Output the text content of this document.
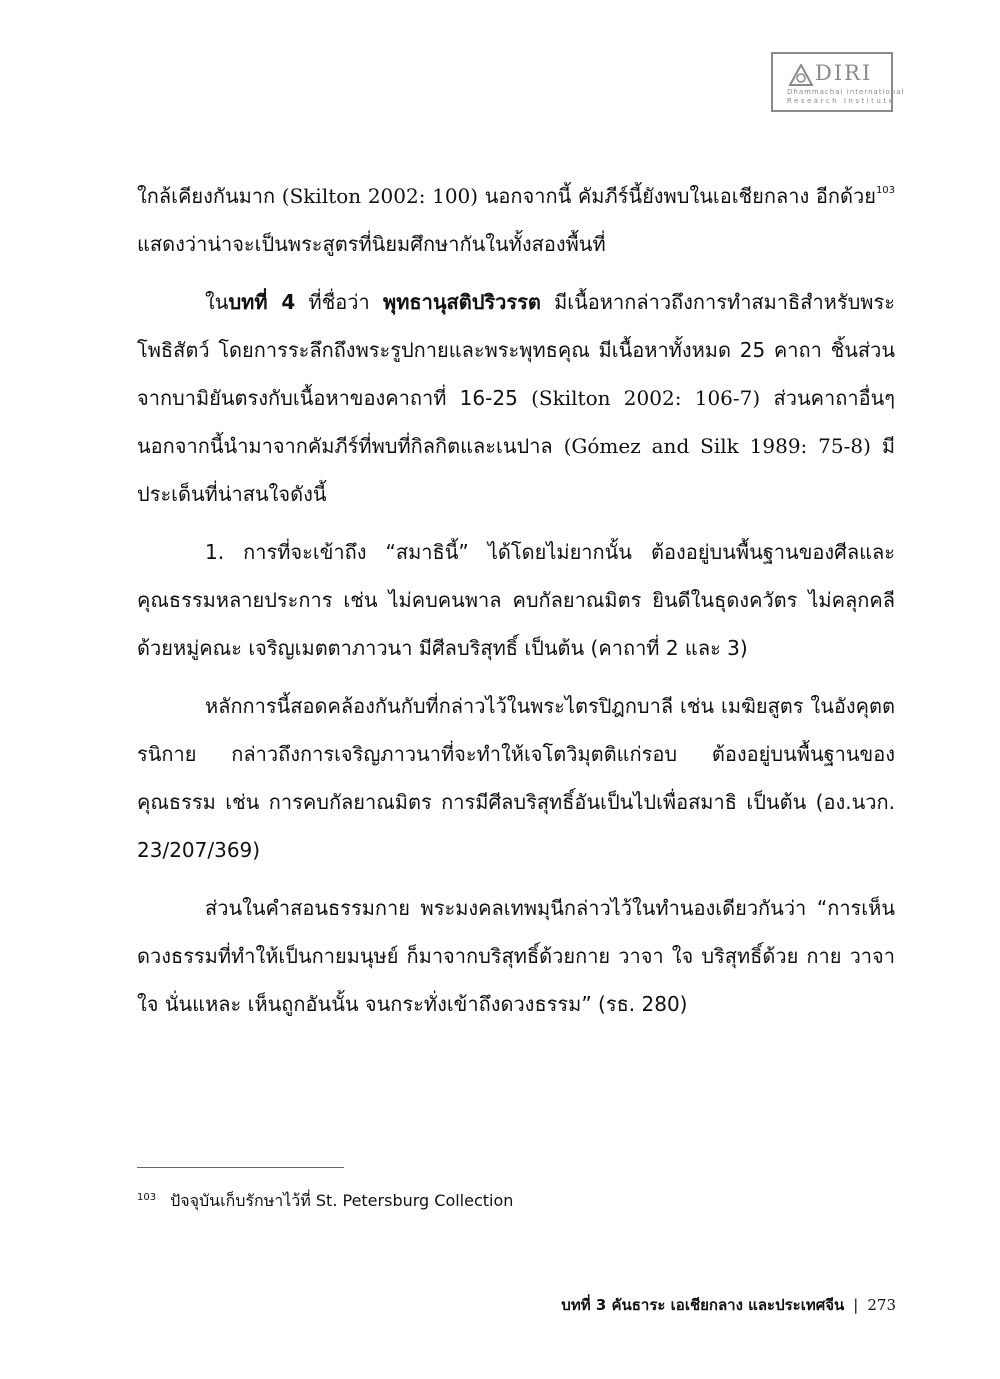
DIRI
Dhammachai International
Research Institute

ใกล้เคียงกันมาก (Skilton 2002: 100) นอกจากนี้ คัมภีร์นี้ยังพบในเอเชียกลาง อีกด้วย$^{103}$ แสดงว่าน่าจะเป็นพระสูตรที่นิยมศึกษากันในทั้งสองพื้นที่

ในบทที่ 4 ที่ชื่อว่า พุทธานุสติปริวรรต มีเนื้อหากล่าวถึงการทำสมาธิสำหรับพระโพธิสัตว์ โดยการระลึกถึงพระรูปกายและพระพุทธคุณ มีเนื้อหาทั้งหมด 25 คาถา ชิ้นส่วนจากบามิยันตรงกับเนื้อหาของคาถาที่ 16-25 (Skilton 2002: 106-7) ส่วนคาถาอื่นๆ นอกจากนี้นำมาจากคัมภีร์ที่พบที่กิลกิตและเนปาล (Gómez and Silk 1989: 75-8) มีประเด็นที่น่าสนใจดังนี้

1. การที่จะเข้าถึง “สมาธินี้” ได้โดยไม่ยากนั้น ต้องอยู่บนพื้นฐานของศีลและคุณธรรมหลายประการ เช่น ไม่คบคนพาล คบกัลยาณมิตร ยินดีในธุดงควัตร ไม่คลุกคลีด้วยหมู่คณะ เจริญเมตตาภาวนา มีศีลบริสุทธิ์ เป็นต้น (คาถาที่ 2 และ 3)

หลักการนี้สอดคล้องกันกับที่กล่าวไว้ในพระไตรปิฎกบาลี เช่น เมฆิยสูตร ในอังคุตตรนิกาย กล่าวถึงการเจริญภาวนาที่จะทำให้เจโตวิมุตติแก่รอบ ต้องอยู่บนพื้นฐานของคุณธรรม เช่น การคบกัลยาณมิตร การมีศีลบริสุทธิ์อันเป็นไปเพื่อสมาธิ เป็นต้น (อง.นวก. 23/207/369)

ส่วนในคำสอนธรรมกาย พระมงคลเทพมุนีกล่าวไว้ในทำนองเดียวกันว่า “การเห็นดวงธรรมที่ทำให้เป็นกายมนุษย์ ก็มาจากบริสุทธิ์ด้วยกาย วาจา ใจ บริสุทธิ์ด้วย กาย วาจา ใจ นั่นแหละ เห็นถูกอันนั้น จนกระทั่งเข้าถึงดวงธรรม” (รธ. 280)

$^{103}$ ปัจจุบันเก็บรักษาไว้ที่ St. Petersburg Collection
บทที่ 3 คันธาระ เอเชียกลาง และประเทศจีน | 273
